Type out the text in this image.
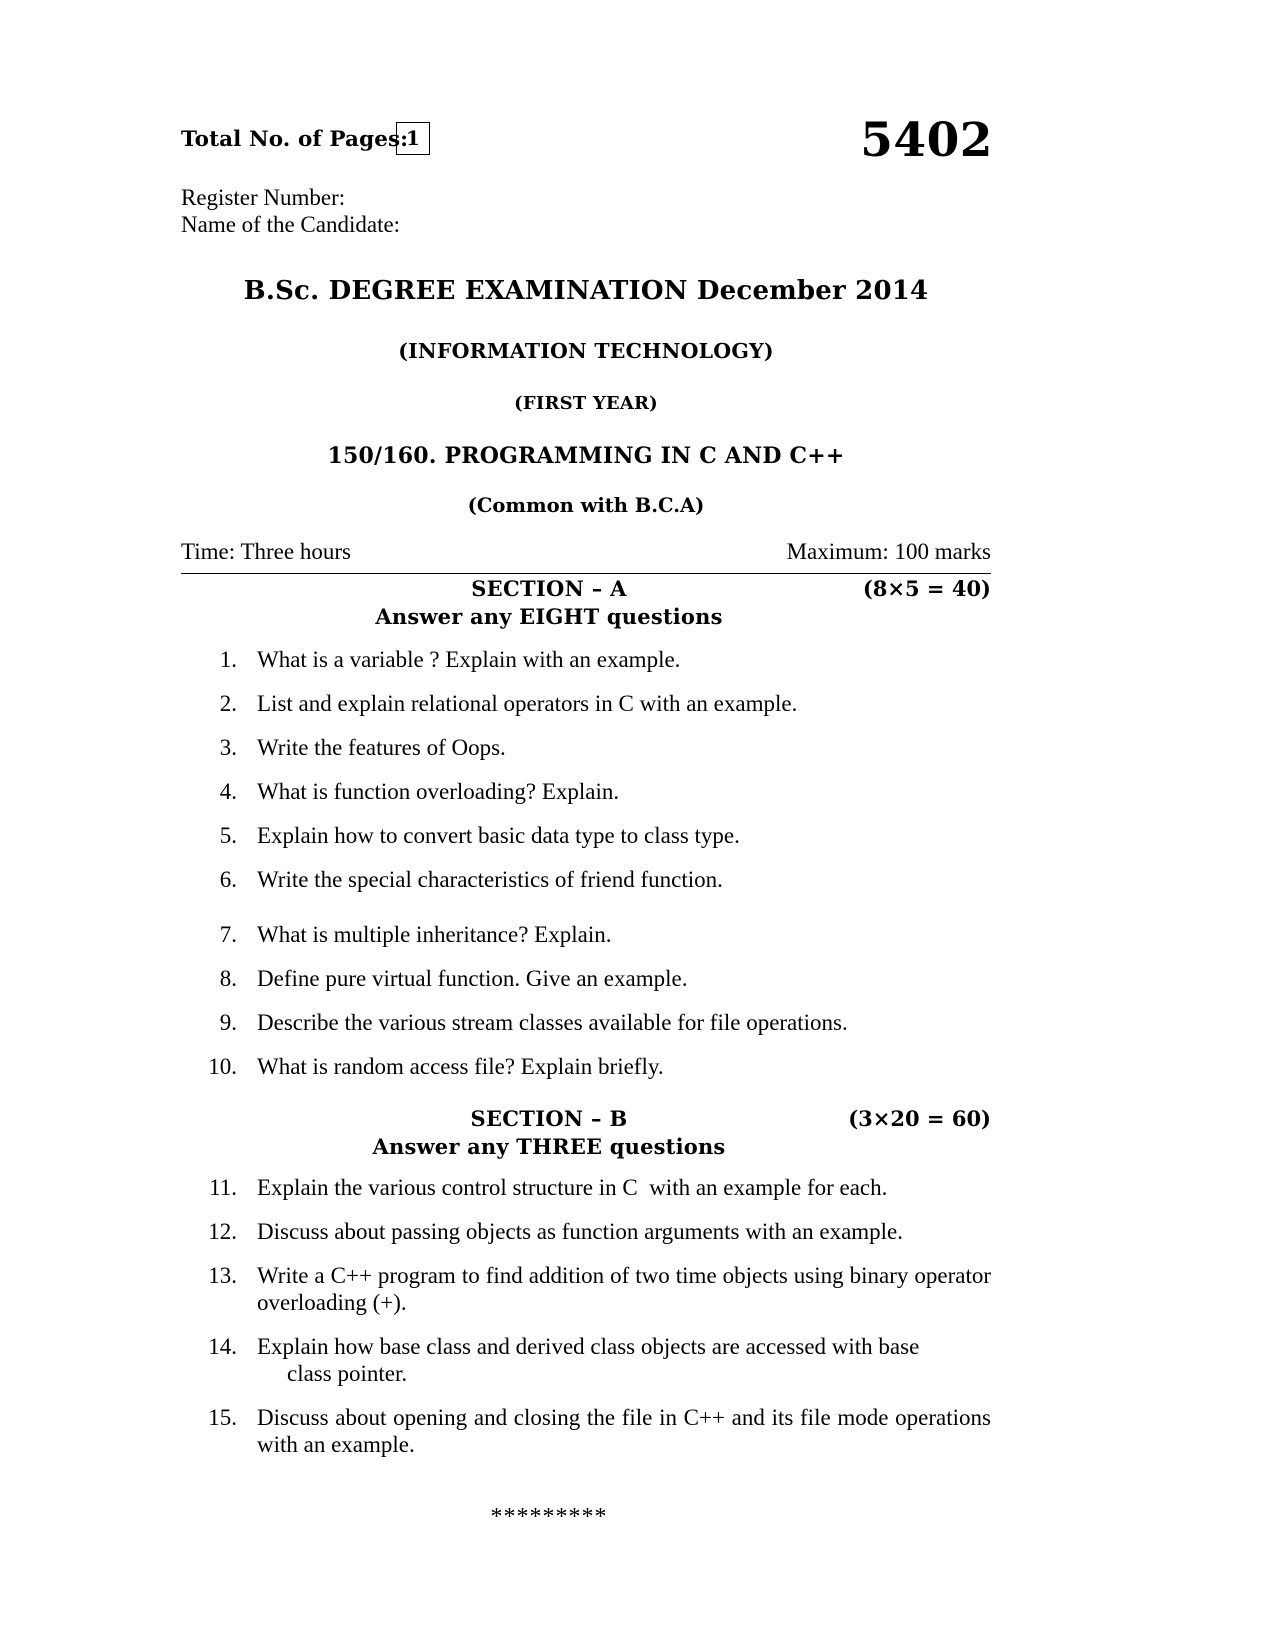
Total No. of Pages:
1	5402
Register Number:
Name of the Candidate:
B.Sc. DEGREE EXAMINATION December 2014
(INFORMATION TECHNOLOGY)
(FIRST YEAR)
150/160. PROGRAMMING IN C AND C++
(Common with B.C.A)
Time: Three hours	Maximum: 100 marks
SECTION – A	(8×5 = 40)
Answer any EIGHT questions
1. What is a variable ? Explain with an example.
2. List and explain relational operators in C with an example.
3. Write the features of Oops.
4. What is function overloading? Explain.
5. Explain how to convert basic data type to class type.
6. Write the special characteristics of friend function.
7. What is multiple inheritance? Explain.
8. Define pure virtual function. Give an example.
9. Describe the various stream classes available for file operations.
10. What is random access file? Explain briefly.
SECTION – B	(3×20 = 60)
Answer any THREE questions
11. Explain the various control structure in C  with an example for each.
12. Discuss about passing objects as function arguments with an example.
13. Write a C++ program to find addition of two time objects using binary operator overloading (+).
14. Explain how base class and derived class objects are accessed with base
class pointer.
15. Discuss about opening and closing the file in C++ and its file mode operations with an example.
*********
